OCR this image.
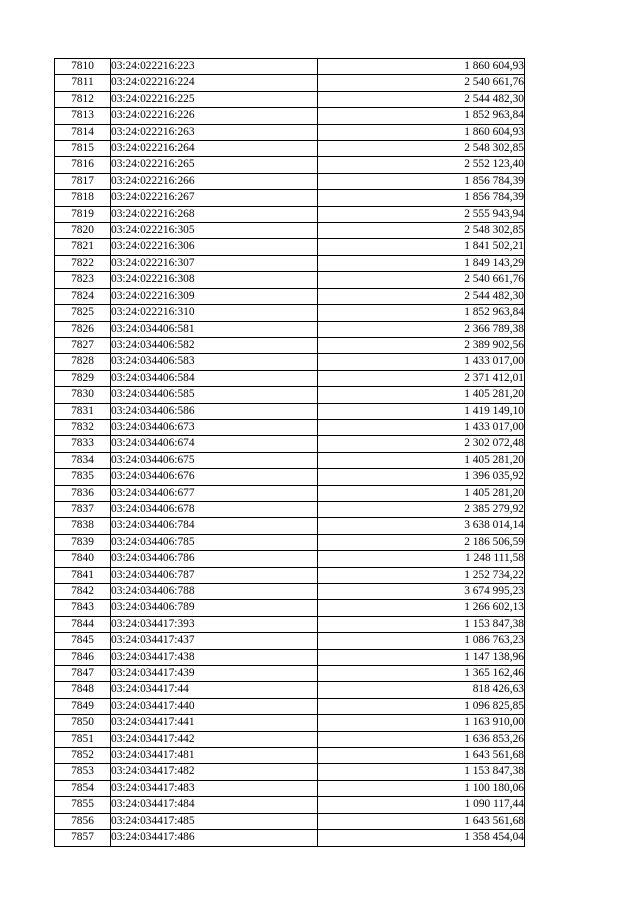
7810	03:24:022216:223	1 860 604,93
7811	03:24:022216:224	2 540 661,76
7812	03:24:022216:225	2 544 482,30
7813	03:24:022216:226	1 852 963,84
7814	03:24:022216:263	1 860 604,93
7815	03:24:022216:264	2 548 302,85
7816	03:24:022216:265	2 552 123,40
7817	03:24:022216:266	1 856 784,39
7818	03:24:022216:267	1 856 784,39
7819	03:24:022216:268	2 555 943,94
7820	03:24:022216:305	2 548 302,85
7821	03:24:022216:306	1 841 502,21
7822	03:24:022216:307	1 849 143,29
7823	03:24:022216:308	2 540 661,76
7824	03:24:022216:309	2 544 482,30
7825	03:24:022216:310	1 852 963,84
7826	03:24:034406:581	2 366 789,38
7827	03:24:034406:582	2 389 902,56
7828	03:24:034406:583	1 433 017,00
7829	03:24:034406:584	2 371 412,01
7830	03:24:034406:585	1 405 281,20
7831	03:24:034406:586	1 419 149,10
7832	03:24:034406:673	1 433 017,00
7833	03:24:034406:674	2 302 072,48
7834	03:24:034406:675	1 405 281,20
7835	03:24:034406:676	1 396 035,92
7836	03:24:034406:677	1 405 281,20
7837	03:24:034406:678	2 385 279,92
7838	03:24:034406:784	3 638 014,14
7839	03:24:034406:785	2 186 506,59
7840	03:24:034406:786	1 248 111,58
7841	03:24:034406:787	1 252 734,22
7842	03:24:034406:788	3 674 995,23
7843	03:24:034406:789	1 266 602,13
7844	03:24:034417:393	1 153 847,38
7845	03:24:034417:437	1 086 763,23
7846	03:24:034417:438	1 147 138,96
7847	03:24:034417:439	1 365 162,46
7848	03:24:034417:44	818 426,63
7849	03:24:034417:440	1 096 825,85
7850	03:24:034417:441	1 163 910,00
7851	03:24:034417:442	1 636 853,26
7852	03:24:034417:481	1 643 561,68
7853	03:24:034417:482	1 153 847,38
7854	03:24:034417:483	1 100 180,06
7855	03:24:034417:484	1 090 117,44
7856	03:24:034417:485	1 643 561,68
7857	03:24:034417:486	1 358 454,04
